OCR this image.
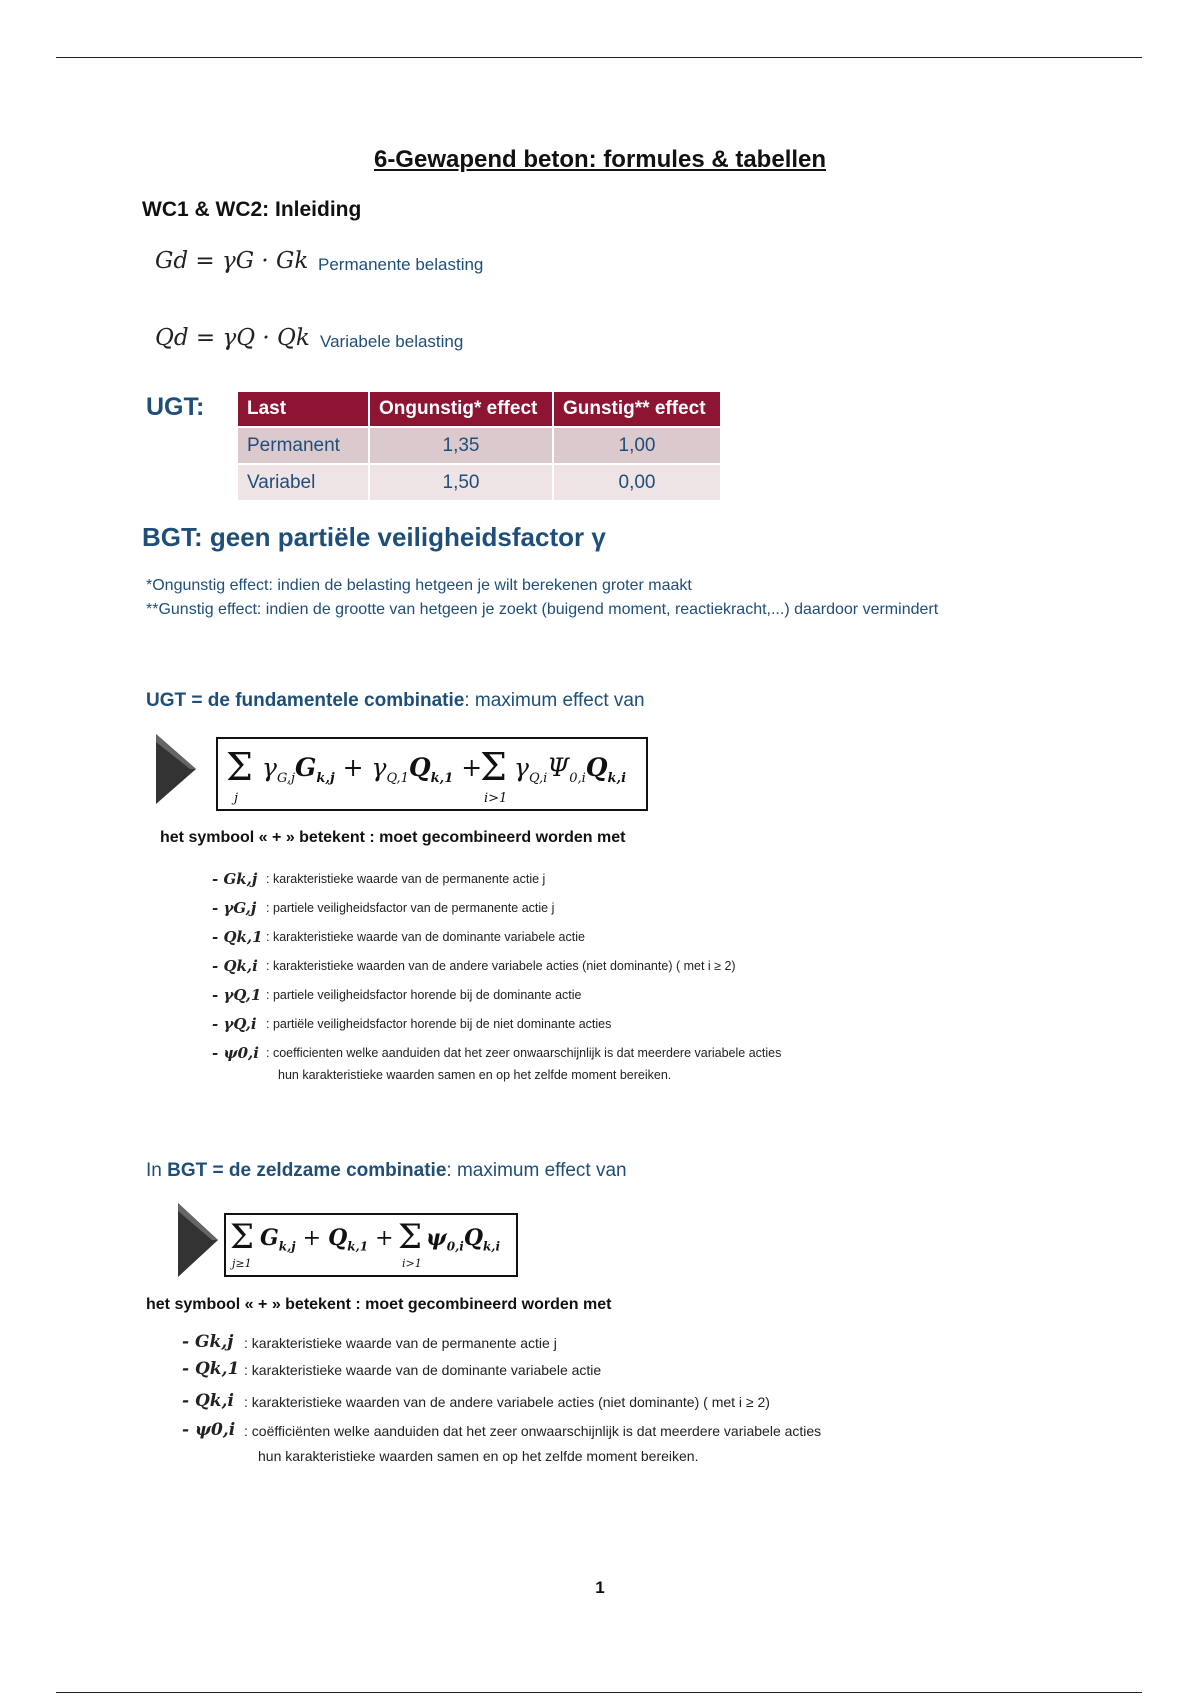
6-Gewapend beton: formules & tabellen
WC1 & WC2: Inleiding
Gd = γG · Gk Permanente belasting
Qd = γQ · Qk Variabele belasting
UGT: Last	Ongunstig* effect	Gunstig** effect
Permanent	1,35	1,00
Variabel	1,50	0,00
BGT: geen partiële veiligheidsfactor γ
*Ongunstig effect: indien de belasting hetgeen je wilt berekenen groter maakt
**Gunstig effect: indien de grootte van hetgeen je zoekt (buigend moment, reactiekracht,...) daardoor vermindert
UGT = de fundamentele combinatie: maximum effect van
Σ
j
$\gamma_{G,j}G_{k,j} + \gamma_{Q,1}Q_{k,1}$ +
Σ
i>1
$\gamma_{Q,i}\Psi_{0,i}Q_{k,i}$
het symbool « + » betekent : moet gecombineerd worden met
- Gk,j : karakteristieke waarde van de permanente actie j
- γG,j : partiele veiligheidsfactor van de permanente actie j
- Qk,1 : karakteristieke waarde van de dominante variabele actie
- Qk,i : karakteristieke waarden van de andere variabele acties (niet dominante) ( met i ≥ 2)
- γQ,1 : partiele veiligheidsfactor horende bij de dominante actie
- γQ,i : partiële veiligheidsfactor horende bij de niet dominante acties
- ψ0,i : coefficienten welke aanduiden dat het zeer onwaarschijnlijk is dat meerdere variabele acties
hun karakteristieke waarden samen en op het zelfde moment bereiken.
In BGT = de zeldzame combinatie: maximum effect van
Σ
j≥1
$G_{k,j} + Q_{k,1} + \Sigma$
i>1
$\psi_{0,i}Q_{k,i}$
het symbool « + » betekent : moet gecombineerd worden met
- Gk,j : karakteristieke waarde van de permanente actie j
- Qk,1 : karakteristieke waarde van de dominante variabele actie
- Qk,i : karakteristieke waarden van de andere variabele acties (niet dominante) ( met i ≥ 2)
- ψ0,i : coëfficiënten welke aanduiden dat het zeer onwaarschijnlijk is dat meerdere variabele acties
hun karakteristieke waarden samen en op het zelfde moment bereiken.
1
